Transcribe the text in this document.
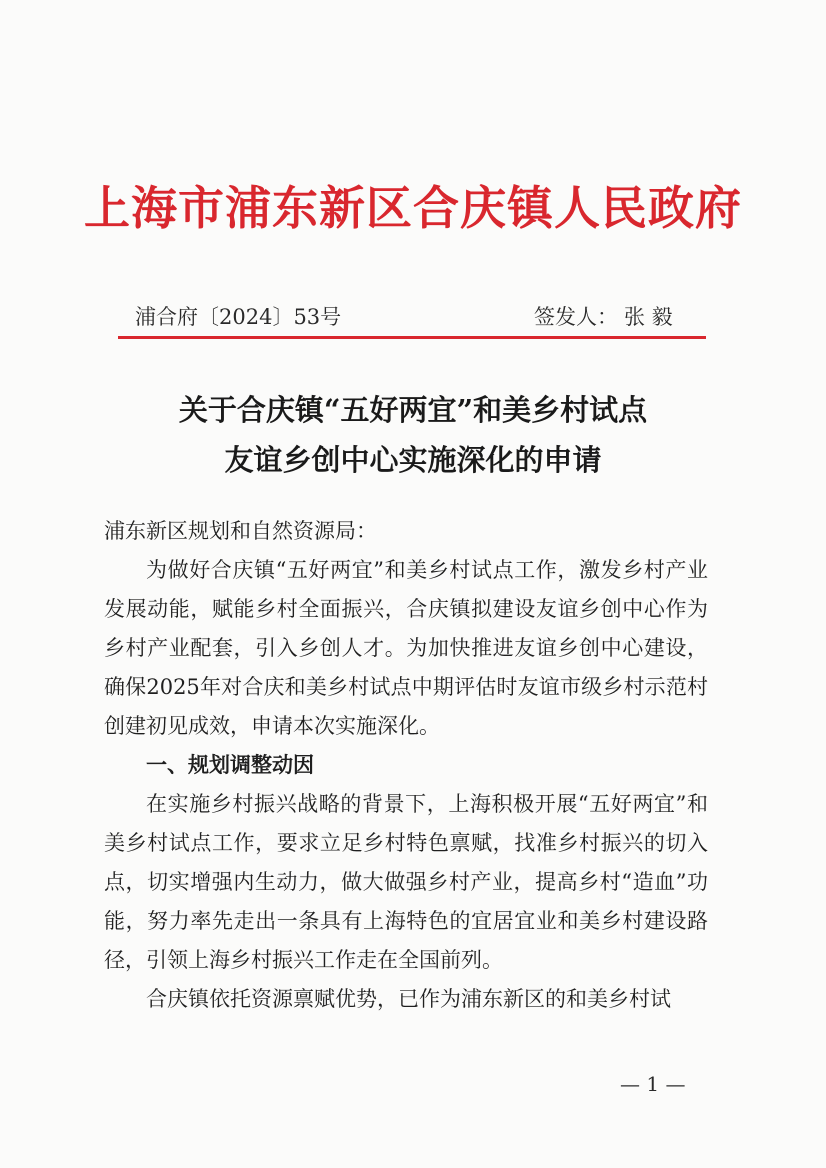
上海市浦东新区合庆镇人民政府
浦合府〔2024〕53号	签发人： 张 毅
关于合庆镇“五好两宜”和美乡村试点
友谊乡创中心实施深化的申请

浦东新区规划和自然资源局：

为做好合庆镇“五好两宜”和美乡村试点工作，激发乡村产业发展动能，赋能乡村全面振兴，合庆镇拟建设友谊乡创中心作为乡村产业配套，引入乡创人才。为加快推进友谊乡创中心建设，确保2025年对合庆和美乡村试点中期评估时友谊市级乡村示范村创建初见成效，申请本次实施深化。

一、规划调整动因

在实施乡村振兴战略的背景下，上海积极开展“五好两宜”和美乡村试点工作，要求立足乡村特色禀赋，找准乡村振兴的切入点，切实增强内生动力，做大做强乡村产业，提高乡村“造血”功能，努力率先走出一条具有上海特色的宜居宜业和美乡村建设路径，引领上海乡村振兴工作走在全国前列。

合庆镇依托资源禀赋优势，已作为浦东新区的和美乡村试

— 1 —
